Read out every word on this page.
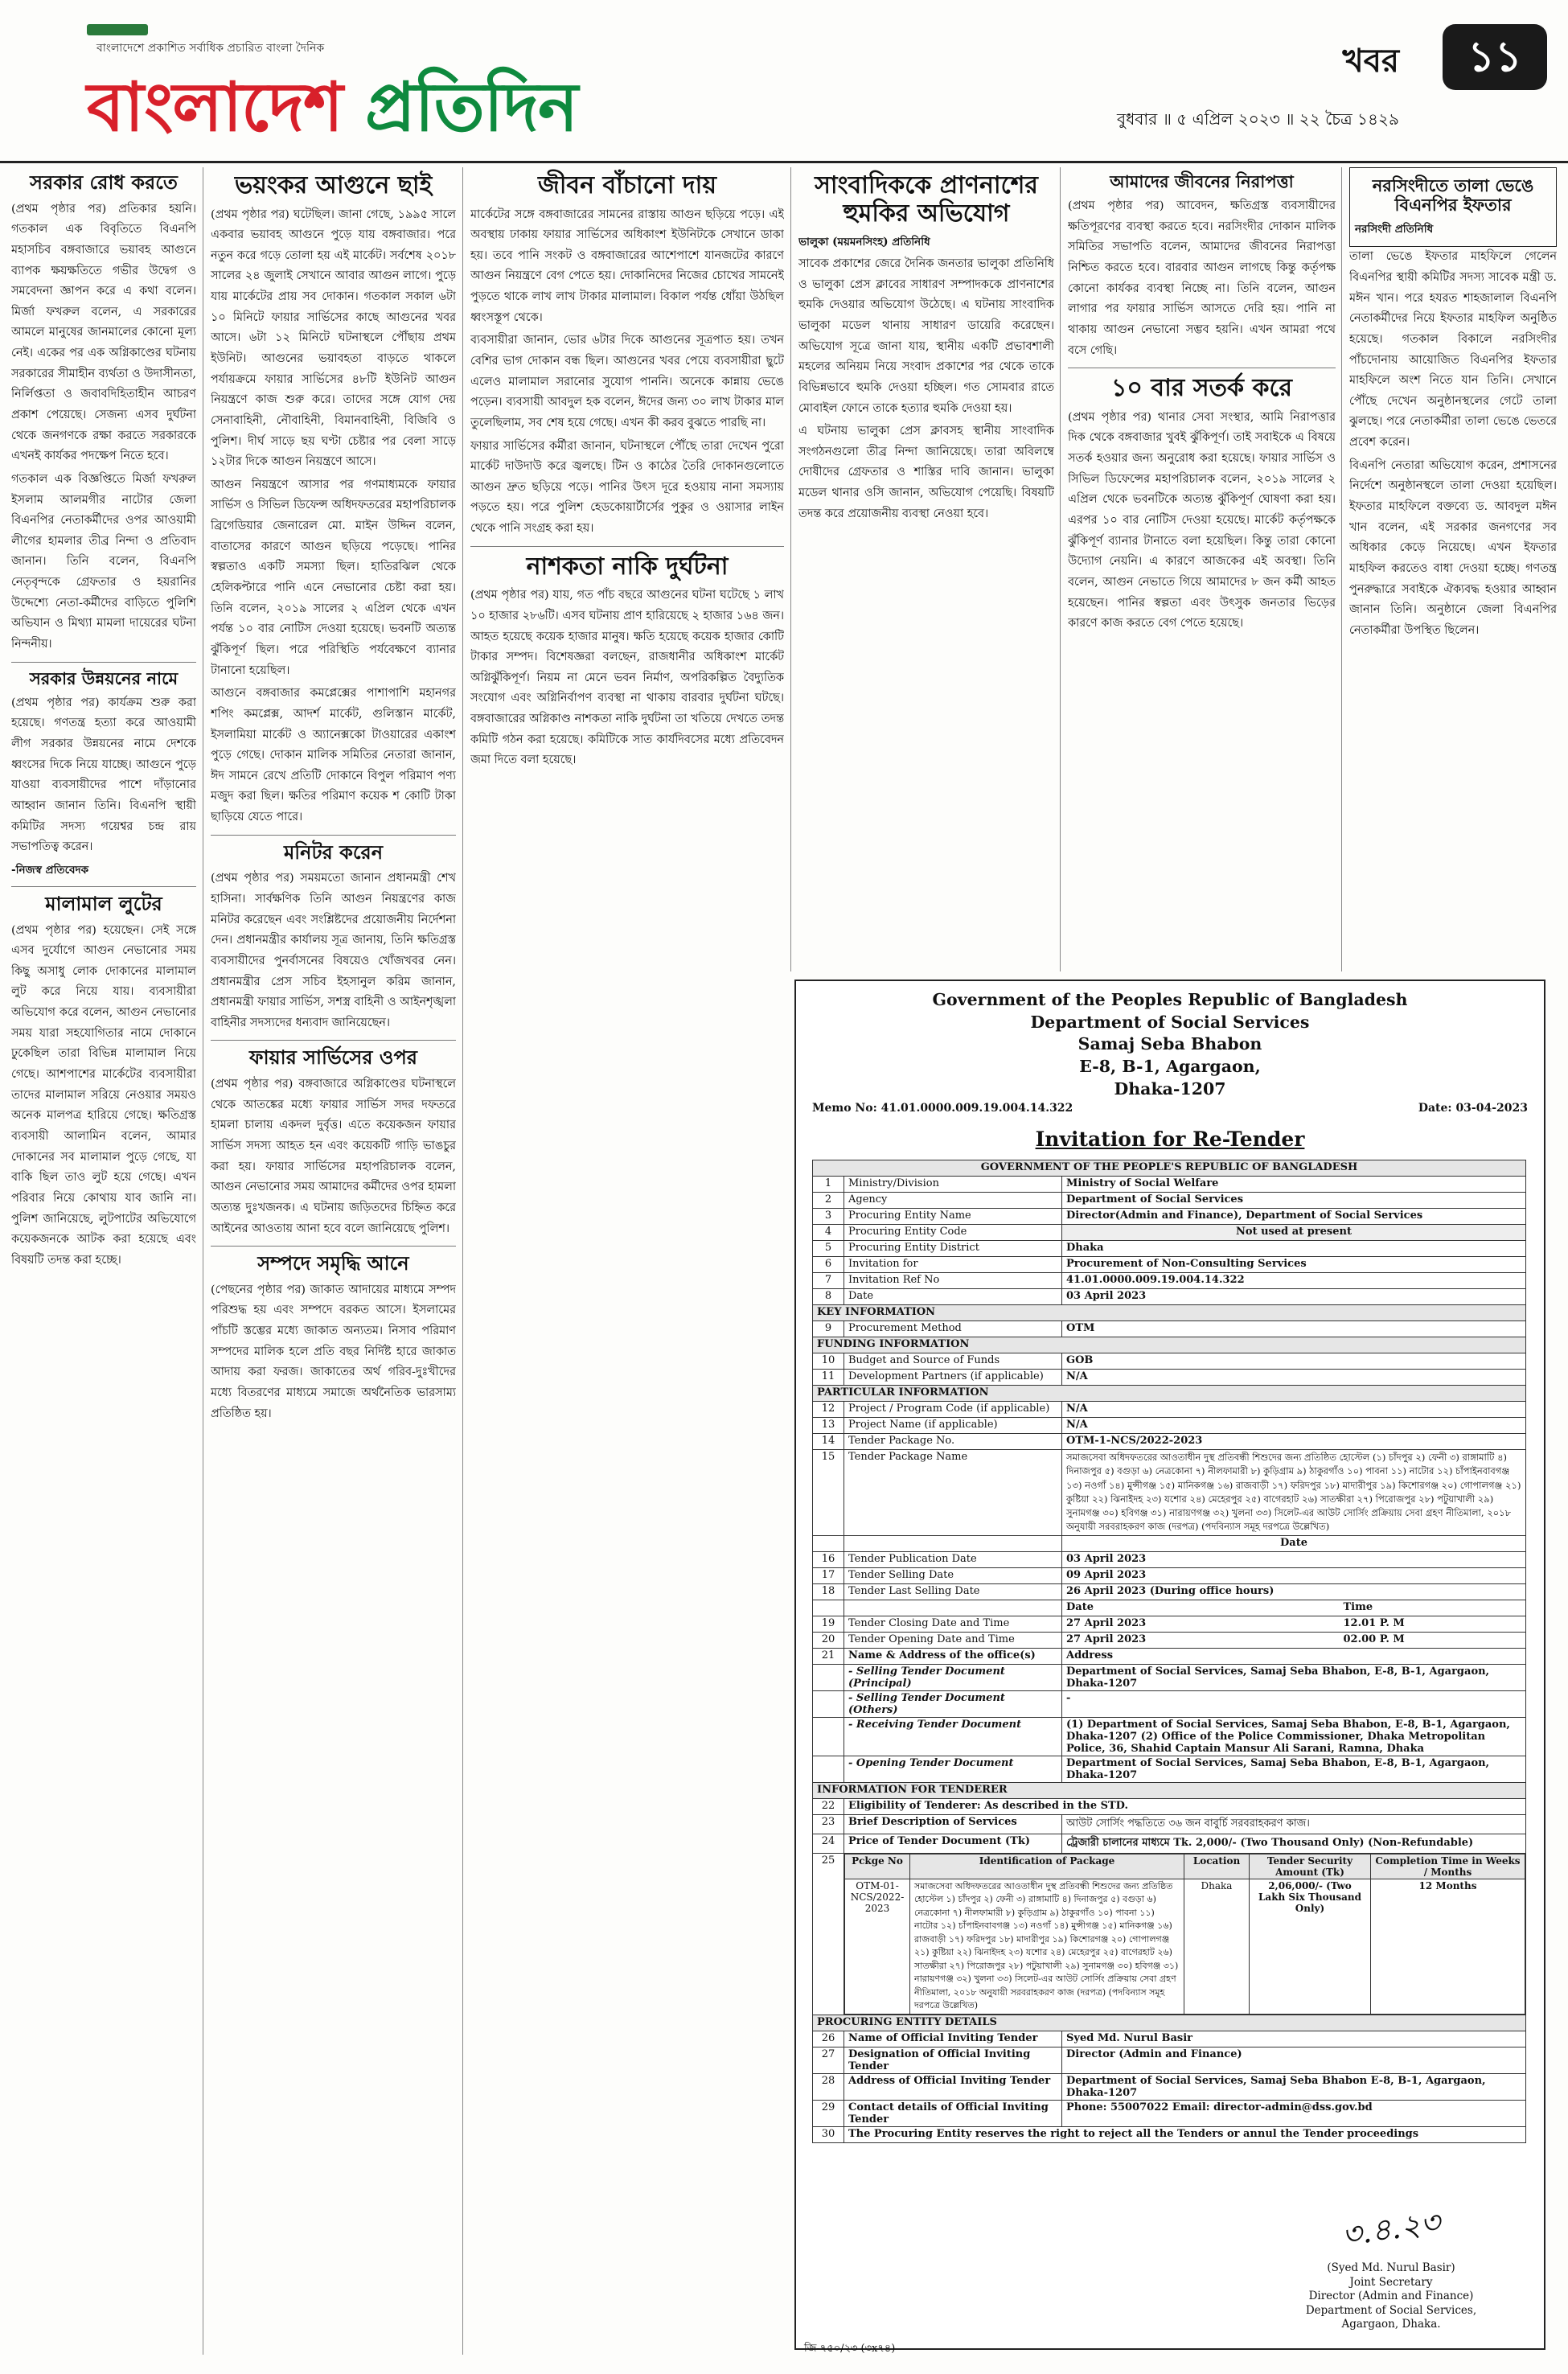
বাংলাদেশে প্রকাশিত সর্বাধিক প্রচারিত বাংলা দৈনিক
বাংলাদেশ প্রতিদিন
খবর	১১
বুধবার ॥ ৫ এপ্রিল ২০২৩ ॥ ২২ চৈত্র ১৪২৯
সরকার রোধ করতে

(প্রথম পৃষ্ঠার পর) প্রতিকার হয়নি। গতকাল এক বিবৃতিতে বিএনপি মহাসচিব বঙ্গবাজারে ভয়াবহ আগুনে ব্যাপক ক্ষয়ক্ষতিতে গভীর উদ্বেগ ও সমবেদনা জ্ঞাপন করে এ কথা বলেন। মির্জা ফখরুল বলেন, এ সরকারের আমলে মানুষের জানমালের কোনো মূল্য নেই। একের পর এক অগ্নিকাণ্ডের ঘটনায় সরকারের সীমাহীন ব্যর্থতা ও উদাসীনতা, নির্লিপ্ততা ও জবাবদিহিতাহীন আচরণ প্রকাশ পেয়েছে। সেজন্য এসব দুর্ঘটনা থেকে জনগণকে রক্ষা করতে সরকারকে এখনই কার্যকর পদক্ষেপ নিতে হবে।

গতকাল এক বিজ্ঞপ্তিতে মির্জা ফখরুল ইসলাম আলমগীর নাটোর জেলা বিএনপির নেতাকর্মীদের ওপর আওয়ামী লীগের হামলার তীব্র নিন্দা ও প্রতিবাদ জানান। তিনি বলেন, বিএনপি নেতৃবৃন্দকে গ্রেফতার ও হয়রানির উদ্দেশ্যে নেতা-কর্মীদের বাড়িতে পুলিশি অভিযান ও মিথ্যা মামলা দায়েরের ঘটনা নিন্দনীয়।

সরকার উন্নয়নের নামে

(প্রথম পৃষ্ঠার পর) কার্যক্রম শুরু করা হয়েছে। গণতন্ত্র হত্যা করে আওয়ামী লীগ সরকার উন্নয়নের নামে দেশকে ধ্বংসের দিকে নিয়ে যাচ্ছে। আগুনে পুড়ে যাওয়া ব্যবসায়ীদের পাশে দাঁড়ানোর আহ্বান জানান তিনি। বিএনপি স্থায়ী কমিটির সদস্য গয়েশ্বর চন্দ্র রায় সভাপতিত্ব করেন।

-নিজস্ব প্রতিবেদক

মালামাল লুটের

(প্রথম পৃষ্ঠার পর) হয়েছেন। সেই সঙ্গে এসব দুর্যোগে আগুন নেভানোর সময় কিছু অসাধু লোক দোকানের মালামাল লুট করে নিয়ে যায়। ব্যবসায়ীরা অভিযোগ করে বলেন, আগুন নেভানোর সময় যারা সহযোগিতার নামে দোকানে ঢুকেছিল তারা বিভিন্ন মালামাল নিয়ে গেছে। আশপাশের মার্কেটের ব্যবসায়ীরা তাদের মালামাল সরিয়ে নেওয়ার সময়ও অনেক মালপত্র হারিয়ে গেছে। ক্ষতিগ্রস্ত ব্যবসায়ী আলামিন বলেন, আমার দোকানের সব মালামাল পুড়ে গেছে, যা বাকি ছিল তাও লুট হয়ে গেছে। এখন পরিবার নিয়ে কোথায় যাব জানি না। পুলিশ জানিয়েছে, লুটপাটের অভিযোগে কয়েকজনকে আটক করা হয়েছে এবং বিষয়টি তদন্ত করা হচ্ছে।

ভয়ংকর আগুনে ছাই

(প্রথম পৃষ্ঠার পর) ঘটেছিল। জানা গেছে, ১৯৯৫ সালে একবার ভয়াবহ আগুনে পুড়ে যায় বঙ্গবাজার। পরে নতুন করে গড়ে তোলা হয় এই মার্কেট। সর্বশেষ ২০১৮ সালের ২৪ জুলাই সেখানে আবার আগুন লাগে। পুড়ে যায় মার্কেটের প্রায় সব দোকান। গতকাল সকাল ৬টা ১০ মিনিটে ফায়ার সার্ভিসের কাছে আগুনের খবর আসে। ৬টা ১২ মিনিটে ঘটনাস্থলে পৌঁছায় প্রথম ইউনিট। আগুনের ভয়াবহতা বাড়তে থাকলে পর্যায়ক্রমে ফায়ার সার্ভিসের ৪৮টি ইউনিট আগুন নিয়ন্ত্রণে কাজ শুরু করে। তাদের সঙ্গে যোগ দেয় সেনাবাহিনী, নৌবাহিনী, বিমানবাহিনী, বিজিবি ও পুলিশ। দীর্ঘ সাড়ে ছয় ঘণ্টা চেষ্টার পর বেলা সাড়ে ১২টার দিকে আগুন নিয়ন্ত্রণে আসে।

আগুন নিয়ন্ত্রণে আসার পর গণমাধ্যমকে ফায়ার সার্ভিস ও সিভিল ডিফেন্স অধিদফতরের মহাপরিচালক ব্রিগেডিয়ার জেনারেল মো. মাইন উদ্দিন বলেন, বাতাসের কারণে আগুন ছড়িয়ে পড়েছে। পানির স্বল্পতাও একটি সমস্যা ছিল। হাতিরঝিল থেকে হেলিকপ্টারে পানি এনে নেভানোর চেষ্টা করা হয়। তিনি বলেন, ২০১৯ সালের ২ এপ্রিল থেকে এখন পর্যন্ত ১০ বার নোটিস দেওয়া হয়েছে। ভবনটি অত্যন্ত ঝুঁকিপূর্ণ ছিল। পরে পরিস্থিতি পর্যবেক্ষণে ব্যানার টানানো হয়েছিল।

আগুনে বঙ্গবাজার কমপ্লেক্সের পাশাপাশি মহানগর শপিং কমপ্লেক্স, আদর্শ মার্কেট, গুলিস্তান মার্কেট, ইসলামিয়া মার্কেট ও অ্যানেক্সকো টাওয়ারের একাংশ পুড়ে গেছে। দোকান মালিক সমিতির নেতারা জানান, ঈদ সামনে রেখে প্রতিটি দোকানে বিপুল পরিমাণ পণ্য মজুদ করা ছিল। ক্ষতির পরিমাণ কয়েক শ কোটি টাকা ছাড়িয়ে যেতে পারে।

মনিটর করেন

(প্রথম পৃষ্ঠার পর) সময়মতো জানান প্রধানমন্ত্রী শেখ হাসিনা। সার্বক্ষণিক তিনি আগুন নিয়ন্ত্রণের কাজ মনিটর করেছেন এবং সংশ্লিষ্টদের প্রয়োজনীয় নির্দেশনা দেন। প্রধানমন্ত্রীর কার্যালয় সূত্র জানায়, তিনি ক্ষতিগ্রস্ত ব্যবসায়ীদের পুনর্বাসনের বিষয়েও খোঁজখবর নেন। প্রধানমন্ত্রীর প্রেস সচিব ইহসানুল করিম জানান, প্রধানমন্ত্রী ফায়ার সার্ভিস, সশস্ত্র বাহিনী ও আইনশৃঙ্খলা বাহিনীর সদস্যদের ধন্যবাদ জানিয়েছেন।

ফায়ার সার্ভিসের ওপর

(প্রথম পৃষ্ঠার পর) বঙ্গবাজারে অগ্নিকাণ্ডের ঘটনাস্থলে থেকে আতঙ্কের মধ্যে ফায়ার সার্ভিস সদর দফতরে হামলা চালায় একদল দুর্বৃত্ত। এতে কয়েকজন ফায়ার সার্ভিস সদস্য আহত হন এবং কয়েকটি গাড়ি ভাঙচুর করা হয়। ফায়ার সার্ভিসের মহাপরিচালক বলেন, আগুন নেভানোর সময় আমাদের কর্মীদের ওপর হামলা অত্যন্ত দুঃখজনক। এ ঘটনায় জড়িতদের চিহ্নিত করে আইনের আওতায় আনা হবে বলে জানিয়েছে পুলিশ।

সম্পদে সমৃদ্ধি আনে

(পেছনের পৃষ্ঠার পর) জাকাত আদায়ের মাধ্যমে সম্পদ পরিশুদ্ধ হয় এবং সম্পদে বরকত আসে। ইসলামের পাঁচটি স্তম্ভের মধ্যে জাকাত অন্যতম। নিসাব পরিমাণ সম্পদের মালিক হলে প্রতি বছর নির্দিষ্ট হারে জাকাত আদায় করা ফরজ। জাকাতের অর্থ গরিব-দুঃখীদের মধ্যে বিতরণের মাধ্যমে সমাজে অর্থনৈতিক ভারসাম্য প্রতিষ্ঠিত হয়।

জীবন বাঁচানো দায়

মার্কেটের সঙ্গে বঙ্গবাজারের সামনের রাস্তায় আগুন ছড়িয়ে পড়ে। এই অবস্থায় ঢাকায় ফায়ার সার্ভিসের অধিকাংশ ইউনিটকে সেখানে ডাকা হয়। তবে পানি সংকট ও বঙ্গবাজারের আশেপাশে যানজটের কারণে আগুন নিয়ন্ত্রণে বেগ পেতে হয়। দোকানিদের নিজের চোখের সামনেই পুড়তে থাকে লাখ লাখ টাকার মালামাল। বিকাল পর্যন্ত ধোঁয়া উঠছিল ধ্বংসস্তূপ থেকে।

ব্যবসায়ীরা জানান, ভোর ৬টার দিকে আগুনের সূত্রপাত হয়। তখন বেশির ভাগ দোকান বন্ধ ছিল। আগুনের খবর পেয়ে ব্যবসায়ীরা ছুটে এলেও মালামাল সরানোর সুযোগ পাননি। অনেকে কান্নায় ভেঙে পড়েন। ব্যবসায়ী আবদুল হক বলেন, ঈদের জন্য ৩০ লাখ টাকার মাল তুলেছিলাম, সব শেষ হয়ে গেছে। এখন কী করব বুঝতে পারছি না।

ফায়ার সার্ভিসের কর্মীরা জানান, ঘটনাস্থলে পৌঁছে তারা দেখেন পুরো মার্কেট দাউদাউ করে জ্বলছে। টিন ও কাঠের তৈরি দোকানগুলোতে আগুন দ্রুত ছড়িয়ে পড়ে। পানির উৎস দূরে হওয়ায় নানা সমস্যায় পড়তে হয়। পরে পুলিশ হেডকোয়ার্টার্সের পুকুর ও ওয়াসার লাইন থেকে পানি সংগ্রহ করা হয়।

নাশকতা নাকি দুর্ঘটনা

(প্রথম পৃষ্ঠার পর) যায়, গত পাঁচ বছরে আগুনের ঘটনা ঘটেছে ১ লাখ ১০ হাজার ২৮৬টি। এসব ঘটনায় প্রাণ হারিয়েছে ২ হাজার ১৬৪ জন। আহত হয়েছে কয়েক হাজার মানুষ। ক্ষতি হয়েছে কয়েক হাজার কোটি টাকার সম্পদ। বিশেষজ্ঞরা বলছেন, রাজধানীর অধিকাংশ মার্কেট অগ্নিঝুঁকিপূর্ণ। নিয়ম না মেনে ভবন নির্মাণ, অপরিকল্পিত বৈদ্যুতিক সংযোগ এবং অগ্নিনির্বাপণ ব্যবস্থা না থাকায় বারবার দুর্ঘটনা ঘটছে। বঙ্গবাজারের অগ্নিকাণ্ড নাশকতা নাকি দুর্ঘটনা তা খতিয়ে দেখতে তদন্ত কমিটি গঠন করা হয়েছে। কমিটিকে সাত কার্যদিবসের মধ্যে প্রতিবেদন জমা দিতে বলা হয়েছে।

সাংবাদিককে প্রাণনাশের হুমকির অভিযোগ

ভালুকা (ময়মনসিংহ) প্রতিনিধি

সাবেক প্রকাশের জেরে দৈনিক জনতার ভালুকা প্রতিনিধি ও ভালুকা প্রেস ক্লাবের সাধারণ সম্পাদককে প্রাণনাশের হুমকি দেওয়ার অভিযোগ উঠেছে। এ ঘটনায় সাংবাদিক ভালুকা মডেল থানায় সাধারণ ডায়েরি করেছেন। অভিযোগ সূত্রে জানা যায়, স্থানীয় একটি প্রভাবশালী মহলের অনিয়ম নিয়ে সংবাদ প্রকাশের পর থেকে তাকে বিভিন্নভাবে হুমকি দেওয়া হচ্ছিল। গত সোমবার রাতে মোবাইল ফোনে তাকে হত্যার হুমকি দেওয়া হয়।

এ ঘটনায় ভালুকা প্রেস ক্লাবসহ স্থানীয় সাংবাদিক সংগঠনগুলো তীব্র নিন্দা জানিয়েছে। তারা অবিলম্বে দোষীদের গ্রেফতার ও শাস্তির দাবি জানান। ভালুকা মডেল থানার ওসি জানান, অভিযোগ পেয়েছি। বিষয়টি তদন্ত করে প্রয়োজনীয় ব্যবস্থা নেওয়া হবে।

আমাদের জীবনের নিরাপত্তা

(প্রথম পৃষ্ঠার পর) আবেদন, ক্ষতিগ্রস্ত ব্যবসায়ীদের ক্ষতিপূরণের ব্যবস্থা করতে হবে। নরসিংদীর দোকান মালিক সমিতির সভাপতি বলেন, আমাদের জীবনের নিরাপত্তা নিশ্চিত করতে হবে। বারবার আগুন লাগছে কিন্তু কর্তৃপক্ষ কোনো কার্যকর ব্যবস্থা নিচ্ছে না। তিনি বলেন, আগুন লাগার পর ফায়ার সার্ভিস আসতে দেরি হয়। পানি না থাকায় আগুন নেভানো সম্ভব হয়নি। এখন আমরা পথে বসে গেছি।

১০ বার সতর্ক করে

(প্রথম পৃষ্ঠার পর) থানার সেবা সংস্থার, আমি নিরাপত্তার দিক থেকে বঙ্গবাজার খুবই ঝুঁকিপূর্ণ। তাই সবাইকে এ বিষয়ে সতর্ক হওয়ার জন্য অনুরোধ করা হয়েছে। ফায়ার সার্ভিস ও সিভিল ডিফেন্সের মহাপরিচালক বলেন, ২০১৯ সালের ২ এপ্রিল থেকে ভবনটিকে অত্যন্ত ঝুঁকিপূর্ণ ঘোষণা করা হয়। এরপর ১০ বার নোটিস দেওয়া হয়েছে। মার্কেট কর্তৃপক্ষকে ঝুঁকিপূর্ণ ব্যানার টানাতে বলা হয়েছিল। কিন্তু তারা কোনো উদ্যোগ নেয়নি। এ কারণে আজকের এই অবস্থা। তিনি বলেন, আগুন নেভাতে গিয়ে আমাদের ৮ জন কর্মী আহত হয়েছেন। পানির স্বল্পতা এবং উৎসুক জনতার ভিড়ের কারণে কাজ করতে বেগ পেতে হয়েছে।

নরসিংদীতে তালা ভেঙে বিএনপির ইফতার

নরসিংদী প্রতিনিধি

তালা ভেঙে ইফতার মাহফিলে গেলেন বিএনপির স্থায়ী কমিটির সদস্য সাবেক মন্ত্রী ড. মঈন খান। পরে হযরত শাহজালাল বিএনপি নেতাকর্মীদের নিয়ে ইফতার মাহফিল অনুষ্ঠিত হয়েছে। গতকাল বিকালে নরসিংদীর পাঁচদোনায় আয়োজিত বিএনপির ইফতার মাহফিলে অংশ নিতে যান তিনি। সেখানে পৌঁছে দেখেন অনুষ্ঠানস্থলের গেটে তালা ঝুলছে। পরে নেতাকর্মীরা তালা ভেঙে ভেতরে প্রবেশ করেন।

বিএনপি নেতারা অভিযোগ করেন, প্রশাসনের নির্দেশে অনুষ্ঠানস্থলে তালা দেওয়া হয়েছিল। ইফতার মাহফিলে বক্তব্যে ড. আবদুল মঈন খান বলেন, এই সরকার জনগণের সব অধিকার কেড়ে নিয়েছে। এখন ইফতার মাহফিল করতেও বাধা দেওয়া হচ্ছে। গণতন্ত্র পুনরুদ্ধারে সবাইকে ঐক্যবদ্ধ হওয়ার আহ্বান জানান তিনি। অনুষ্ঠানে জেলা বিএনপির নেতাকর্মীরা উপস্থিত ছিলেন।

Government of the Peoples Republic of Bangladesh
Department of Social Services
Samaj Seba Bhabon
E-8, B-1, Agargaon,
Dhaka-1207
Memo No: 41.01.0000.009.19.004.14.322	Date: 03-04-2023
Invitation for Re-Tender
GOVERNMENT OF THE PEOPLE'S REPUBLIC OF BANGLADESH
1	Ministry/Division	Ministry of Social Welfare
2	Agency	Department of Social Services
3	Procuring Entity Name	Director(Admin and Finance), Department of Social Services
4	Procuring Entity Code	Not used at present
5	Procuring Entity District	Dhaka
6	Invitation for	Procurement of Non-Consulting Services
7	Invitation Ref No	41.01.0000.009.19.004.14.322
8	Date	03 April 2023
KEY INFORMATION
9	Procurement Method	OTM
FUNDING INFORMATION
10	Budget and Source of Funds	GOB
11	Development Partners (if applicable)	N/A
PARTICULAR INFORMATION
12	Project / Program Code (if applicable)	N/A
13	Project Name (if applicable)	N/A
14	Tender Package No.	OTM-1-NCS/2022-2023
15	Tender Package Name	সমাজসেবা অধিদফতরের আওতাধীন দুস্থ প্রতিবন্ধী শিশুদের জন্য প্রতিষ্ঠিত হোস্টেল (১) চাঁদপুর ২) ফেনী ৩) রাঙ্গামাটি ৪) দিনাজপুর ৫) বগুড়া ৬) নেত্রকোনা ৭) নীলফামারী ৮) কুড়িগ্রাম ৯) ঠাকুরগাঁও ১০) পাবনা ১১) নাটোর ১২) চাঁপাইনবাবগঞ্জ ১৩) নওগাঁ ১৪) মুন্সীগঞ্জ ১৫) মানিকগঞ্জ ১৬) রাজবাড়ী ১৭) ফরিদপুর ১৮) মাদারীপুর ১৯) কিশোরগঞ্জ ২০) গোপালগঞ্জ ২১) কুষ্টিয়া ২২) ঝিনাইদহ ২৩) যশোর ২৪) মেহেরপুর ২৫) বাগেরহাট ২৬) সাতক্ষীরা ২৭) পিরোজপুর ২৮) পটুয়াখালী ২৯) সুনামগঞ্জ ৩০) হবিগঞ্জ ৩১) নারায়ণগঞ্জ ৩২) খুলনা ৩৩) সিলেট-এর আউট সোর্সিং প্রক্রিয়ায় সেবা গ্রহণ নীতিমালা, ২০১৮ অনুযায়ী সরবরাহকরণ কাজ (দরপত্র) (পদবিন্যাস সমূহ দরপত্রে উল্লেখিত)
		Date
16	Tender Publication Date	03 April 2023
17	Tender Selling Date	09 April 2023
18	Tender Last Selling Date	26 April 2023 (During office hours)
		Date	Time

19	Tender Closing Date and Time	27 April 2023	12.01 P. M

20	Tender Opening Date and Time	27 April 2023	02.00 P. M

21	Name & Address of the office(s)	Address
	- Selling Tender Document (Principal)	Department of Social Services, Samaj Seba Bhabon, E-8, B-1, Agargaon, Dhaka-1207
	- Selling Tender Document (Others)	-
	- Receiving Tender Document	(1) Department of Social Services, Samaj Seba Bhabon, E-8, B-1, Agargaon, Dhaka-1207 (2) Office of the Police Commissioner, Dhaka Metropolitan Police, 36, Shahid Captain Mansur Ali Sarani, Ramna, Dhaka
	- Opening Tender Document	Department of Social Services, Samaj Seba Bhabon, E-8, B-1, Agargaon, Dhaka-1207
INFORMATION FOR TENDERER
22	Eligibility of Tenderer: As described in the STD.
23	Brief Description of Services	আউট সোর্সিং পদ্ধতিতে ৩৬ জন বাবুর্চি সরবরাহকরণ কাজ।
24	Price of Tender Document (Tk)	ট্রেজারী চালানের মাধ্যমে Tk. 2,000/- (Two Thousand Only) (Non-Refundable)
25	Pckge No	Identification of Package	Location	Tender Security Amount (Tk)	Completion Time in Weeks / Months
OTM-01-NCS/2022-2023	সমাজসেবা অধিদফতরের আওতাধীন দুস্থ প্রতিবন্ধী শিশুদের জন্য প্রতিষ্ঠিত হোস্টেল ১) চাঁদপুর ২) ফেনী ৩) রাঙ্গামাটি ৪) দিনাজপুর ৫) বগুড়া ৬) নেত্রকোনা ৭) নীলফামারী ৮) কুড়িগ্রাম ৯) ঠাকুরগাঁও ১০) পাবনা ১১) নাটোর ১২) চাঁপাইনবাবগঞ্জ ১৩) নওগাঁ ১৪) মুন্সীগঞ্জ ১৫) মানিকগঞ্জ ১৬) রাজবাড়ী ১৭) ফরিদপুর ১৮) মাদারীপুর ১৯) কিশোরগঞ্জ ২০) গোপালগঞ্জ ২১) কুষ্টিয়া ২২) ঝিনাইদহ ২৩) যশোর ২৪) মেহেরপুর ২৫) বাগেরহাট ২৬) সাতক্ষীরা ২৭) পিরোজপুর ২৮) পটুয়াখালী ২৯) সুনামগঞ্জ ৩০) হবিগঞ্জ ৩১) নারায়ণগঞ্জ ৩২) খুলনা ৩৩) সিলেট-এর আউট সোর্সিং প্রক্রিয়ায় সেবা গ্রহণ নীতিমালা, ২০১৮ অনুযায়ী সরবরাহকরণ কাজ (দরপত্র) (পদবিন্যাস সমূহ দরপত্রে উল্লেখিত)	Dhaka	2,06,000/- (Two Lakh Six Thousand Only)	12 Months

PROCURING ENTITY DETAILS
26	Name of Official Inviting Tender	Syed Md. Nurul Basir
27	Designation of Official Inviting Tender	Director (Admin and Finance)
28	Address of Official Inviting Tender	Department of Social Services, Samaj Seba Bhabon E-8, B-1, Agargaon, Dhaka-1207
29	Contact details of Official Inviting Tender	Phone: 55007022 Email: director-admin@dss.gov.bd
30	The Procuring Entity reserves the right to reject all the Tenders or annul the Tender proceedings
৩.৪.২৩
(Syed Md. Nurul Basir)
Joint Secretary
Director (Admin and Finance)
Department of Social Services,
Agargaon, Dhaka.
জি-৭৫০/২৩ (৩x৭৪)
